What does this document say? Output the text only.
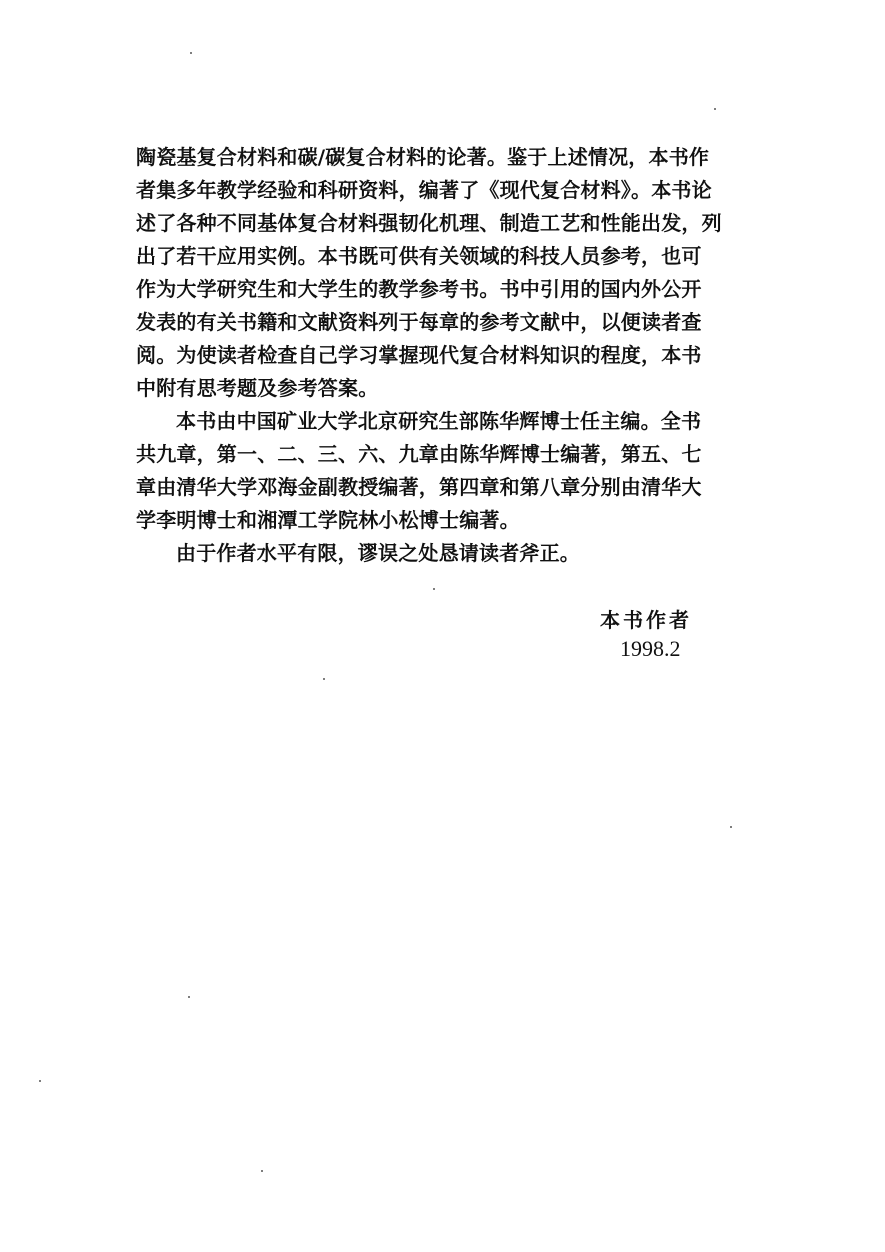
陶瓷基复合材料和碳/碳复合材料的论著。鉴于上述情况，本书作
者集多年教学经验和科研资料，编著了《现代复合材料》。本书论
述了各种不同基体复合材料强韧化机理、制造工艺和性能出发，列
出了若干应用实例。本书既可供有关领域的科技人员参考，也可
作为大学研究生和大学生的教学参考书。书中引用的国内外公开
发表的有关书籍和文献资料列于每章的参考文献中，以便读者查
阅。为使读者检查自己学习掌握现代复合材料知识的程度，本书
中附有思考题及参考答案。
本书由中国矿业大学北京研究生部陈华辉博士任主编。全书
共九章，第一、二、三、六、九章由陈华辉博士编著，第五、七
章由清华大学邓海金副教授编著，第四章和第八章分别由清华大
学李明博士和湘潭工学院林小松博士编著。
由于作者水平有限，谬误之处恳请读者斧正。
本书作者
1998.2
